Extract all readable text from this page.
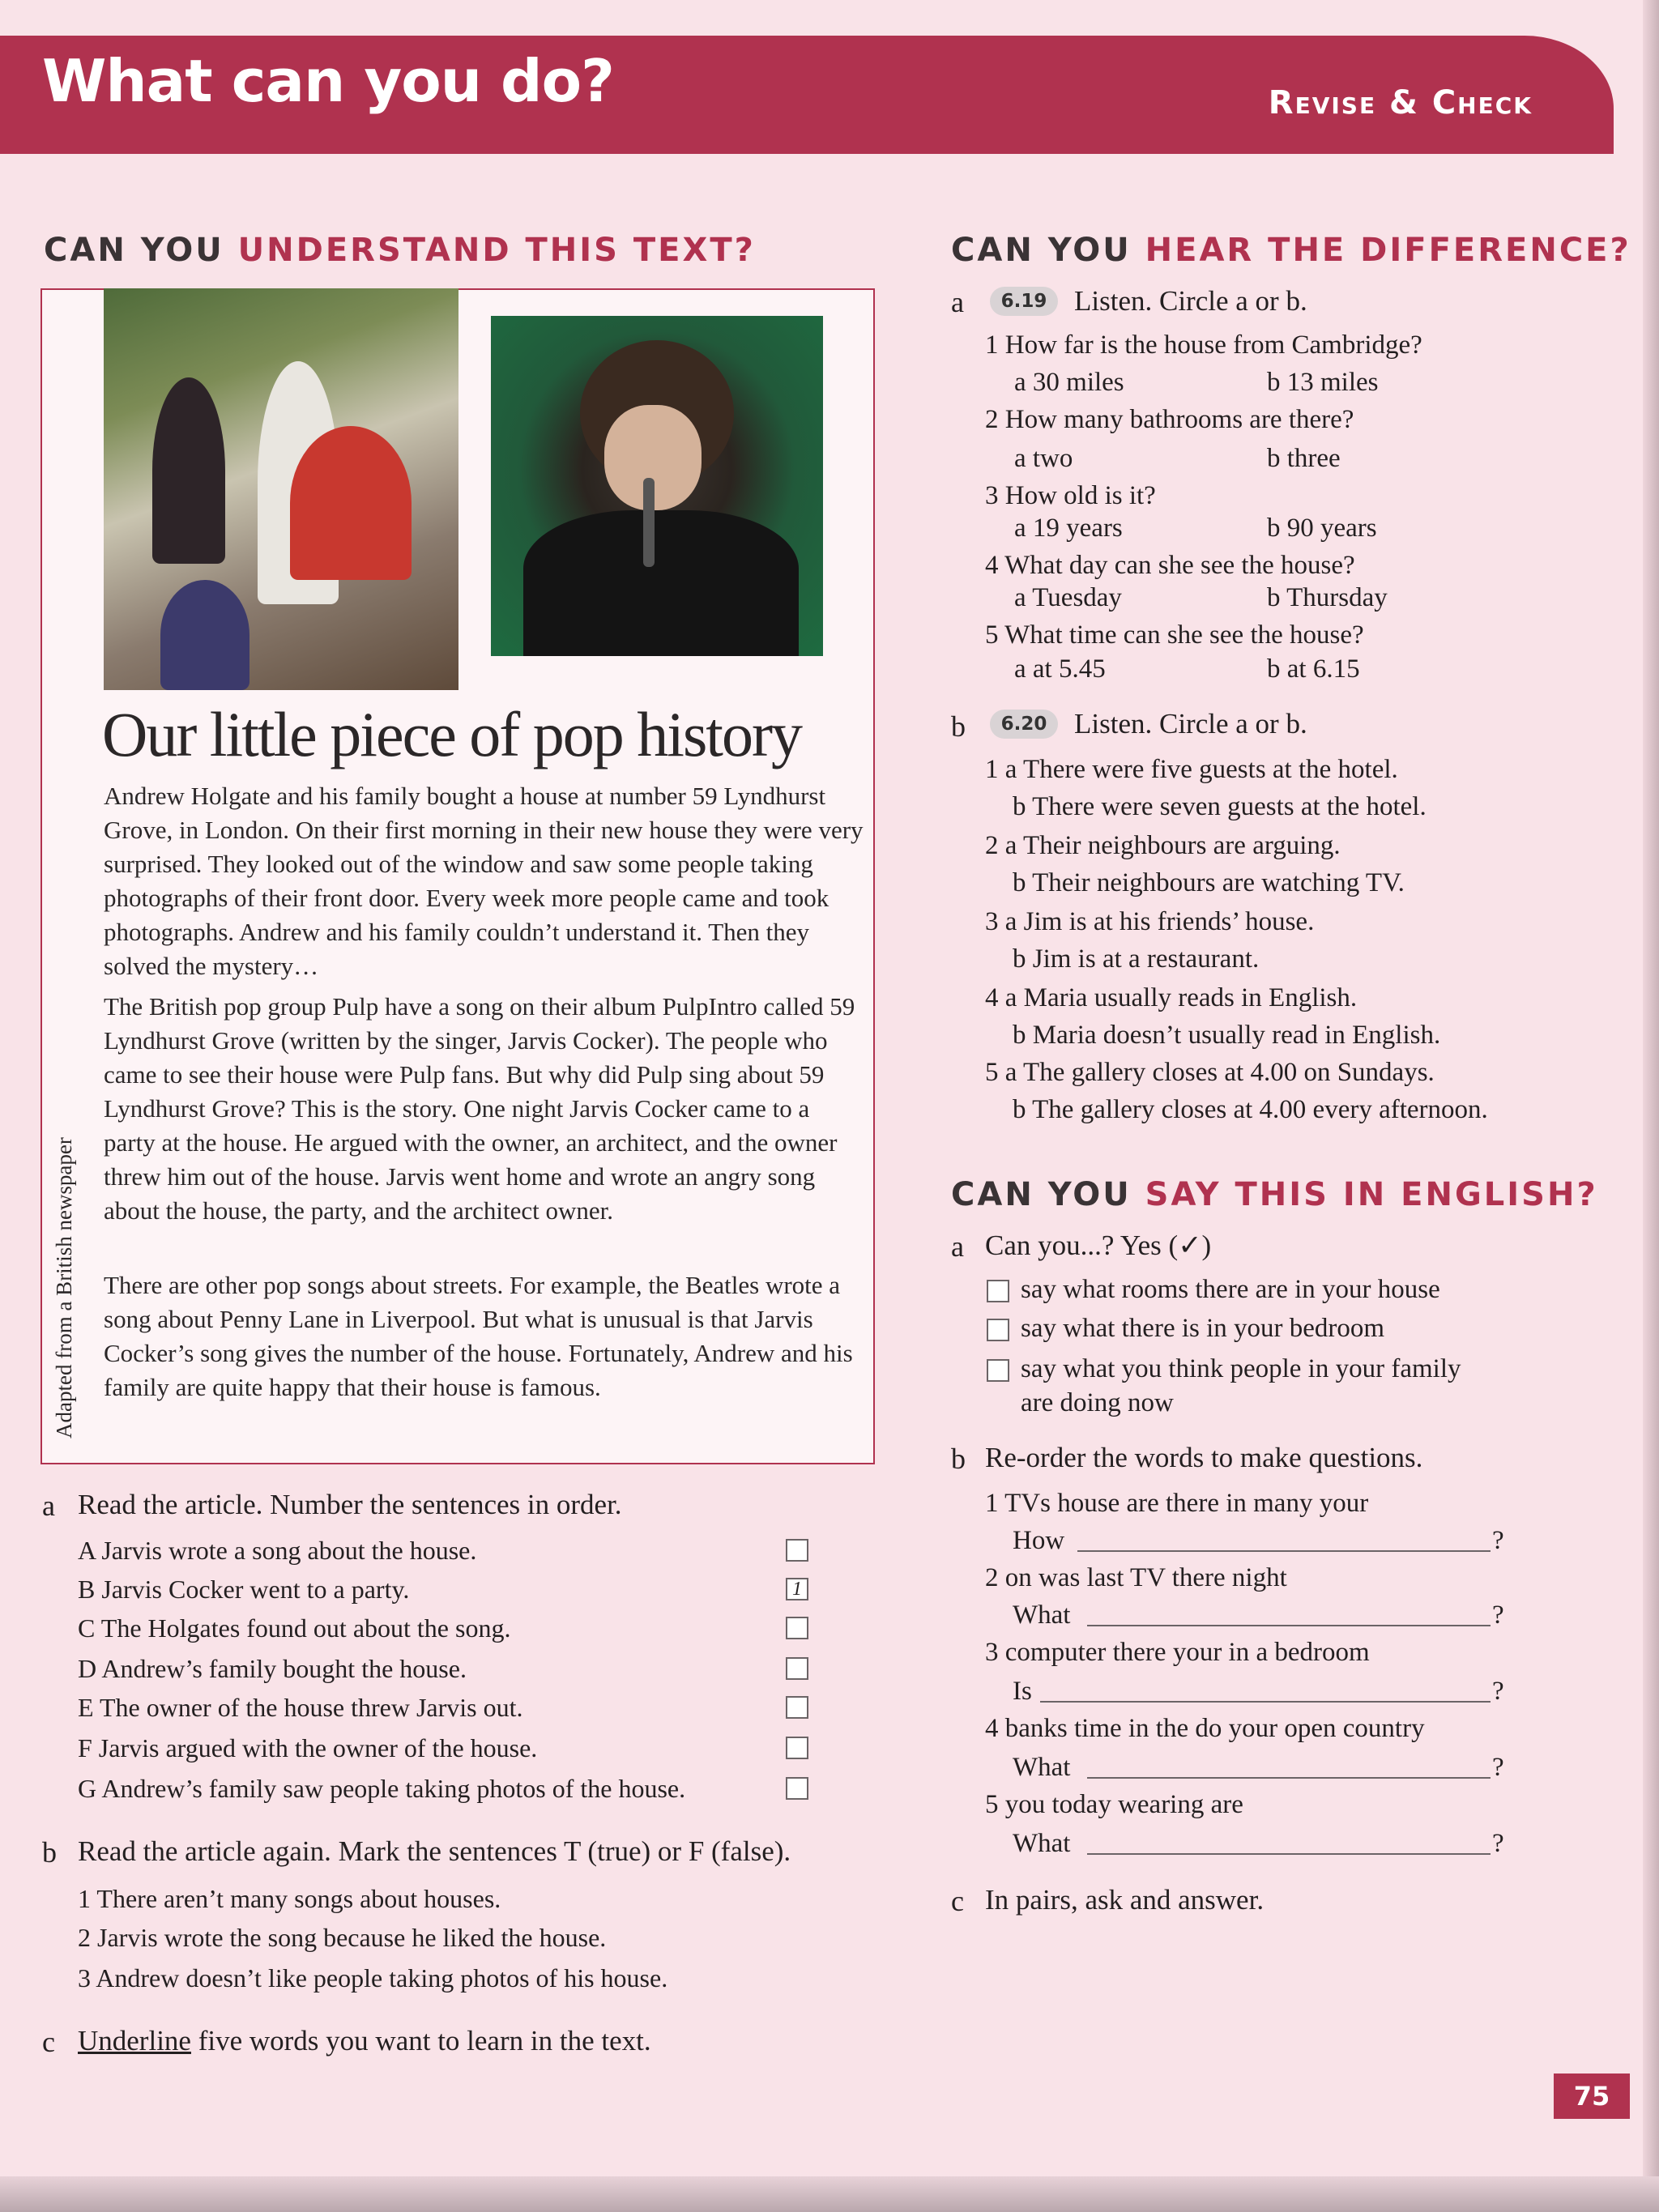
What can you do?	Revise & Check
CAN YOU UNDERSTAND THIS TEXT?
Our little piece of pop history

Andrew Holgate and his family bought a house at number 59 Lyndhurst Grove, in London. On their first morning in their new house they were very surprised. They looked out of the window and saw some people taking photographs of their front door. Every week more people came and took photographs. Andrew and his family couldn’t understand it. Then they solved the mystery…

The British pop group Pulp have a song on their album PulpIntro called 59 Lyndhurst Grove (written by the singer, Jarvis Cocker). The people who came to see their house were Pulp fans. But why did Pulp sing about 59 Lyndhurst Grove? This is the story. One night Jarvis Cocker came to a party at the house. He argued with the owner, an architect, and the owner threw him out of the house. Jarvis went home and wrote an angry song about the house, the party, and the architect owner.

There are other pop songs about streets. For example, the Beatles wrote a song about Penny Lane in Liverpool. But what is unusual is that Jarvis Cocker’s song gives the number of the house. Fortunately, Andrew and his family are quite happy that their house is famous.

Adapted from a British newspaper
a Read the article. Number the sentences in order.
A Jarvis wrote a song about the house.
B Jarvis Cocker went to a party.	1
C The Holgates found out about the song.
D Andrew’s family bought the house.
E The owner of the house threw Jarvis out.
F Jarvis argued with the owner of the house.
G Andrew’s family saw people taking photos of the house.
b Read the article again. Mark the sentences T (true) or F (false).
1 There aren’t many songs about houses.
2 Jarvis wrote the song because he liked the house.
3 Andrew doesn’t like people taking photos of his house.
c Underline five words you want to learn in the text.
CAN YOU HEAR THE DIFFERENCE?
a	6.19 Listen. Circle a or b.
1 How far is the house from Cambridge?
a 30 miles	b 13 miles
2 How many bathrooms are there?
a two	b three
3 How old is it?
a 19 years	b 90 years
4 What day can she see the house?
a Tuesday	b Thursday
5 What time can she see the house?
a at 5.45	b at 6.15
b	6.20 Listen. Circle a or b.
1 a There were five guests at the hotel.
b There were seven guests at the hotel.
2 a Their neighbours are arguing.
b Their neighbours are watching TV.
3 a Jim is at his friends’ house.
b Jim is at a restaurant.
4 a Maria usually reads in English.
b Maria doesn’t usually read in English.
5 a The gallery closes at 4.00 on Sundays.
b The gallery closes at 4.00 every afternoon.
CAN YOU SAY THIS IN ENGLISH?
a Can you...? Yes (✓)
say what rooms there are in your house
say what there is in your bedroom
say what you think people in your family
are doing now
b Re-order the words to make questions.
1 TVs house are there in many your
How	?
2 on was last TV there night
What	?
3 computer there your in a bedroom
Is	?
4 banks time in the do your open country
What	?
5 you today wearing are
What	?
c In pairs, ask and answer.
75
